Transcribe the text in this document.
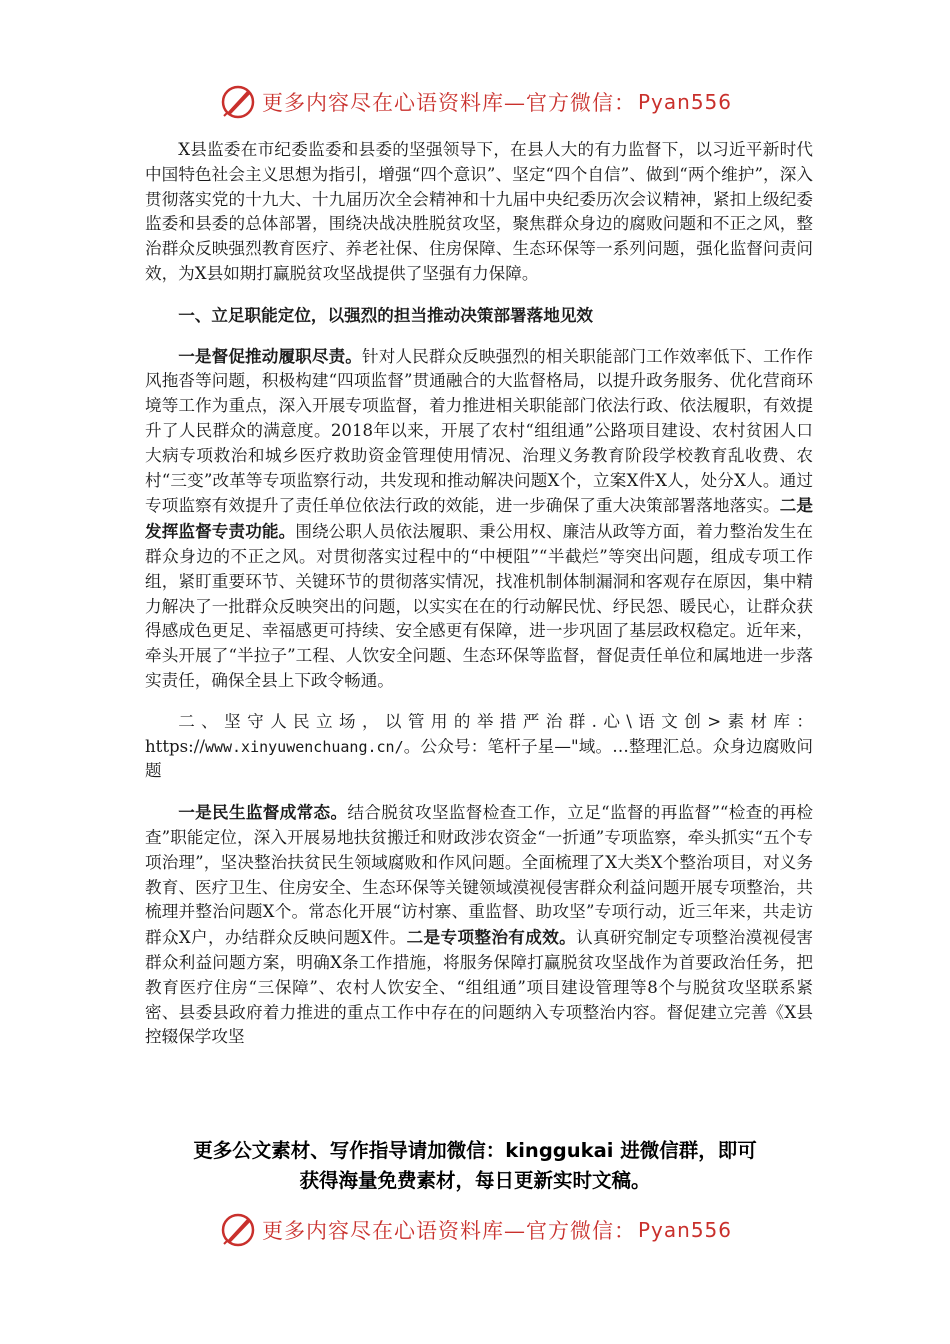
更多内容尽在心语资料库—官方微信： Pyan556

X县监委在市纪委监委和县委的坚强领导下，在县人大的有力监督下，以习近平新时代中国特色社会主义思想为指引，增强“四个意识”、坚定“四个自信”、做到“两个维护”，深入贯彻落实党的十九大、十九届历次全会精神和十九届中央纪委历次会议精神，紧扣上级纪委监委和县委的总体部署，围绕决战决胜脱贫攻坚，聚焦群众身边的腐败问题和不正之风，整治群众反映强烈教育医疗、养老社保、住房保障、生态环保等一系列问题，强化监督问责问效，为X县如期打赢脱贫攻坚战提供了坚强有力保障。

一、立足职能定位，以强烈的担当推动决策部署落地见效

一是督促推动履职尽责。针对人民群众反映强烈的相关职能部门工作效率低下、工作作风拖沓等问题，积极构建“四项监督”贯通融合的大监督格局，以提升政务服务、优化营商环境等工作为重点，深入开展专项监督，着力推进相关职能部门依法行政、依法履职，有效提升了人民群众的满意度。2018年以来，开展了农村“组组通”公路项目建设、农村贫困人口大病专项救治和城乡医疗救助资金管理使用情况、治理义务教育阶段学校教育乱收费、农村“三变”改革等专项监察行动，共发现和推动解决问题X个，立案X件X人，处分X人。通过专项监察有效提升了责任单位依法行政的效能，进一步确保了重大决策部署落地落实。二是发挥监督专责功能。围绕公职人员依法履职、秉公用权、廉洁从政等方面，着力整治发生在群众身边的不正之风。对贯彻落实过程中的“中梗阻”“半截烂”等突出问题，组成专项工作组，紧盯重要环节、关键环节的贯彻落实情况，找准机制体制漏洞和客观存在原因，集中精力解决了一批群众反映突出的问题，以实实在在的行动解民忧、纾民怨、暖民心，让群众获得感成色更足、幸福感更可持续、安全感更有保障，进一步巩固了基层政权稳定。近年来，牵头开展了“半拉子”工程、人饮安全问题、生态环保等监督，督促责任单位和属地进一步落实责任，确保全县上下政令畅通。

二、坚守人民立场，以管用的举措严治群.心\语文创>素材库：https://www.xinyuwenchuang.cn/。公众号：笔杆子星—"域。…整理汇总。众身边腐败问题

一是民生监督成常态。结合脱贫攻坚监督检查工作，立足“监督的再监督”“检查的再检查”职能定位，深入开展易地扶贫搬迁和财政涉农资金“一折通”专项监察，牵头抓实“五个专项治理”，坚决整治扶贫民生领域腐败和作风问题。全面梳理了X大类X个整治项目，对义务教育、医疗卫生、住房安全、生态环保等关键领域漠视侵害群众利益问题开展专项整治，共梳理并整治问题X个。常态化开展“访村寨、重监督、助攻坚”专项行动，近三年来，共走访群众X户，办结群众反映问题X件。二是专项整治有成效。认真研究制定专项整治漠视侵害群众利益问题方案，明确X条工作措施，将服务保障打赢脱贫攻坚战作为首要政治任务，把教育医疗住房“三保障”、农村人饮安全、“组组通”项目建设管理等8个与脱贫攻坚联系紧密、县委县政府着力推进的重点工作中存在的问题纳入专项整治内容。督促建立完善《X县控辍保学攻坚

更多公文素材、写作指导请加微信：kinggukai 进微信群，即可
获得海量免费素材，每日更新实时文稿。
更多内容尽在心语资料库—官方微信： Pyan556
